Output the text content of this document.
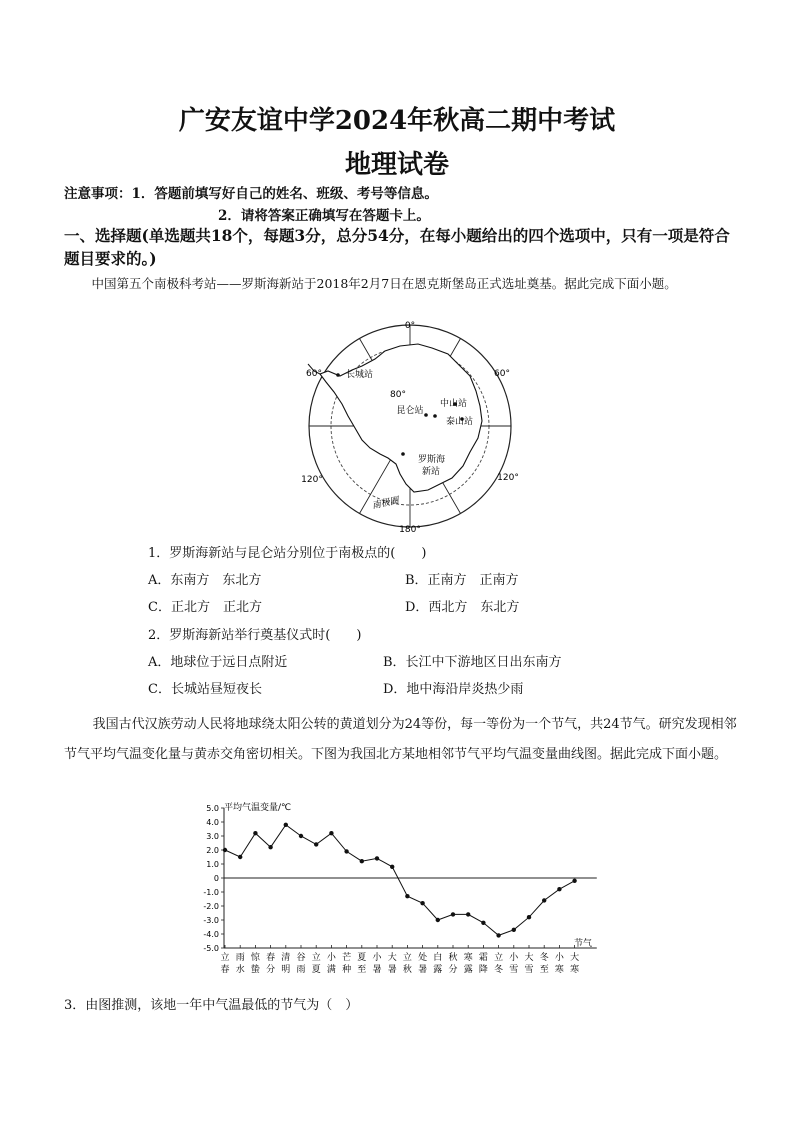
广安友谊中学2024年秋高二期中考试
地理试卷
注意事项：1．答题前填写好自己的姓名、班级、考号等信息。
2．请将答案正确填写在答题卡上。
一、选择题(单选题共18个，每题3分，总分54分，在每小题给出的四个选项中，只有一项是符合题目要求的。)
中国第五个南极科考站——罗斯海新站于2018年2月7日在恩克斯堡岛正式选址奠基。据此完成下面小题。
0°
60°	60°
120°	120°
180°
80°
长城站
昆仑站
中山站
泰山站
罗斯海
新站
南极圈
1．罗斯海新站与昆仑站分别位于南极点的(　　)
A．东南方　东北方	B．正南方　正南方
C．正北方　正北方	D．西北方　东北方
2．罗斯海新站举行奠基仪式时(　　)
A．地球位于远日点附近	B．长江中下游地区日出东南方
C．长城站昼短夜长	D．地中海沿岸炎热少雨
我国古代汉族劳动人民将地球绕太阳公转的黄道划分为24等份，每一等份为一个节气，共24节气。研究发现相邻节气平均气温变化量与黄赤交角密切相关。下图为我国北方某地相邻节气平均气温变量曲线图。据此完成下面小题。
平均气温变量/℃
节气
5.0
4.0
3.0
2.0
1.0
0
-1.0
-2.0
-3.0
-4.0
-5.0
立
春
雨
水
惊
蛰
春
分
清
明
谷
雨
立
夏
小
满
芒
种
夏
至
小
暑
大
暑
立
秋
处
暑
白
露
秋
分
寒
露
霜
降
立
冬
小
雪
大
雪
冬
至
小
寒
大
寒
3．由图推测，该地一年中气温最低的节气为（　）
